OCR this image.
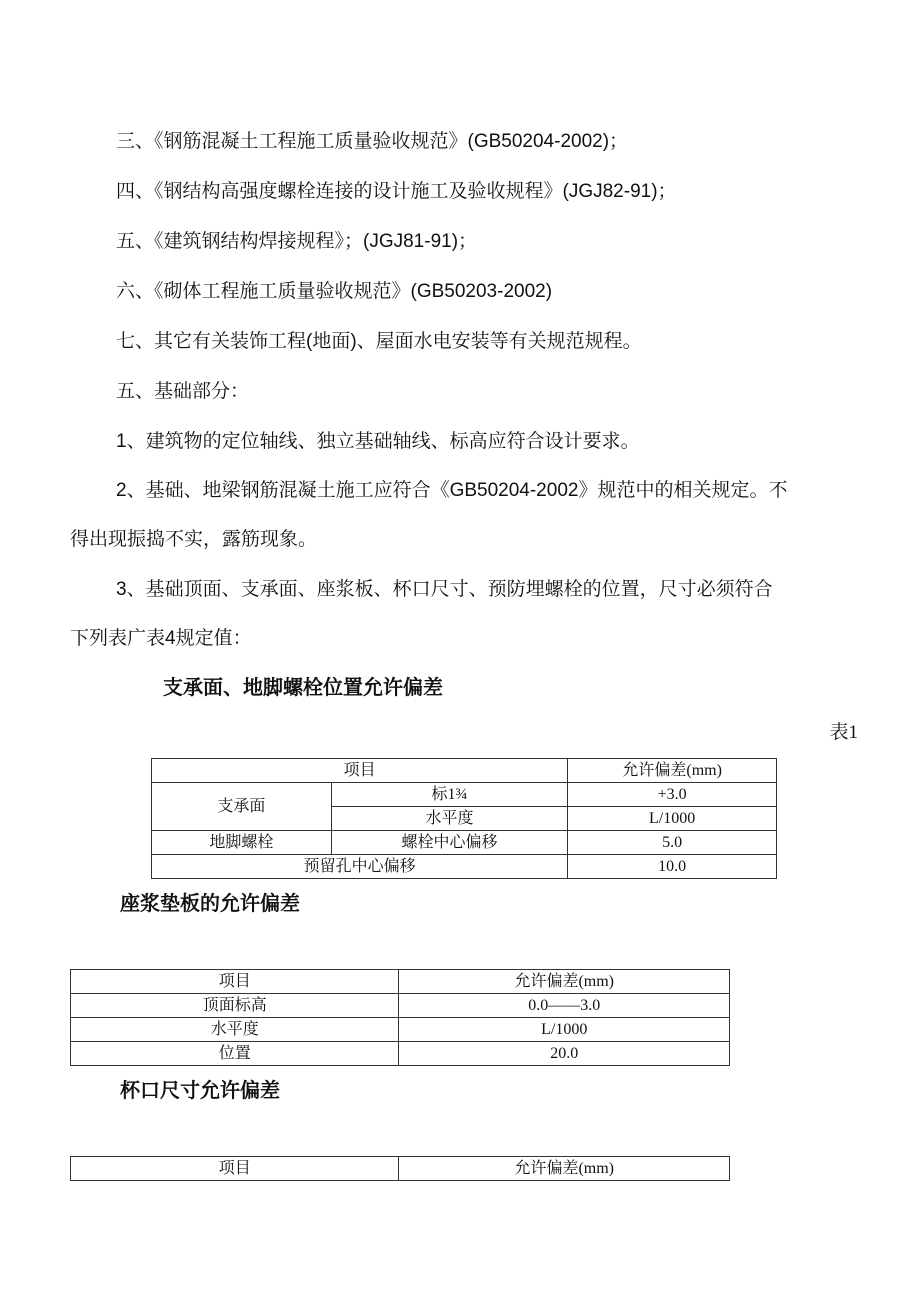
三、《钢筋混凝土工程施工质量验收规范》(GB50204-2002)；
四、《钢结构高强度螺栓连接的设计施工及验收规程》(JGJ82-91)；
五、《建筑钢结构焊接规程》；(JGJ81-91)；
六、《砌体工程施工质量验收规范》(GB50203-2002)
七、其它有关装饰工程(地面)、屋面水电安装等有关规范规程。
五、基础部分：
1、建筑物的定位轴线、独立基础轴线、标高应符合设计要求。
2、基础、地梁钢筋混凝土施工应符合《GB50204-2002》规范中的相关规定。不
得出现振捣不实，露筋现象。
3、基础顶面、支承面、座浆板、杯口尺寸、预防埋螺栓的位置，尺寸必须符合
下列表广表4规定值：
支承面、地脚螺栓位置允许偏差
表1
项目		允许偏差(mm)
支承面	标1¾	+3.0
	水平度	L/1000
地脚螺栓	螺栓中心偏移	5.0
预留孔中心偏移		10.0
座浆垫板的允许偏差
项目	允许偏差(mm)
顶面标高	0.0——3.0
水平度	L/1000
位置	20.0
杯口尺寸允许偏差
项目	允许偏差(mm)
